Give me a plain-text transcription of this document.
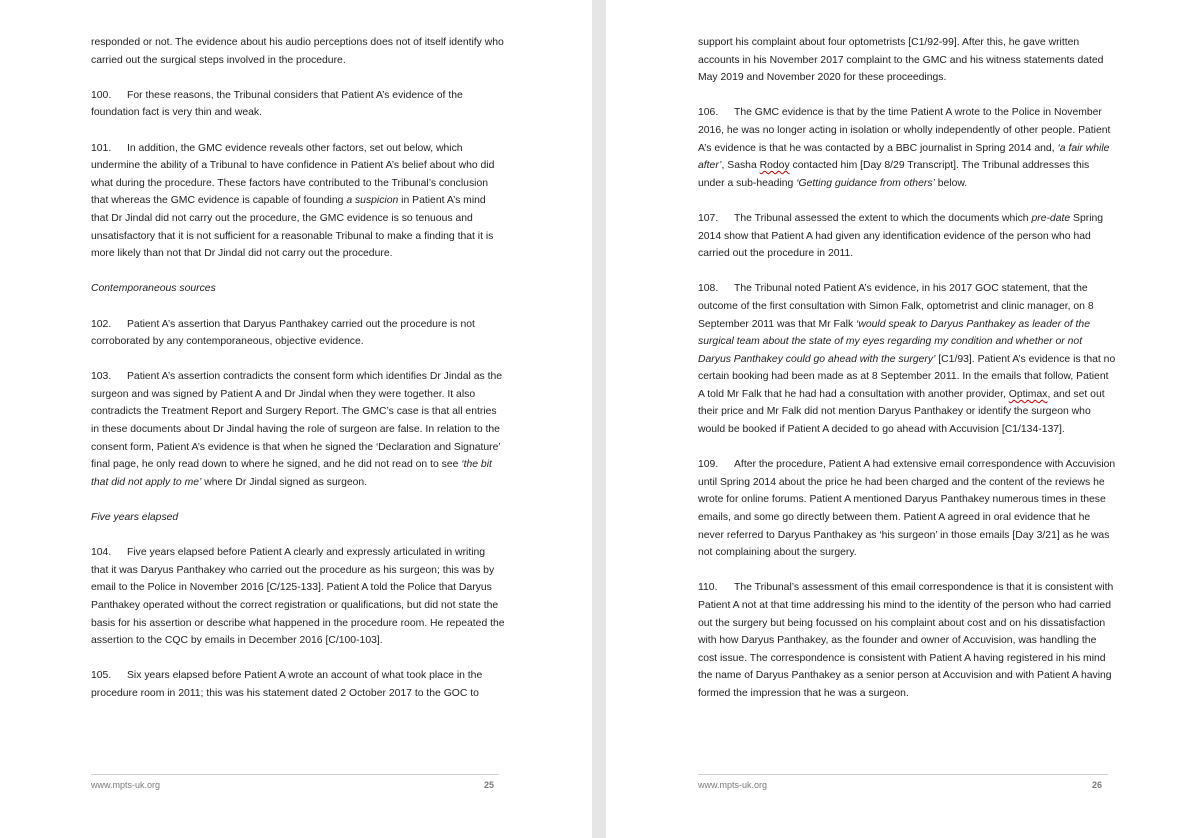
responded or not. The evidence about his audio perceptions does not of itself identify who carried out the surgical steps involved in the procedure.

100. For these reasons, the Tribunal considers that Patient A’s evidence of the foundation fact is very thin and weak.

101. In addition, the GMC evidence reveals other factors, set out below, which undermine the ability of a Tribunal to have confidence in Patient A’s belief about who did what during the procedure. These factors have contributed to the Tribunal’s conclusion that whereas the GMC evidence is capable of founding a suspicion in Patient A’s mind that Dr Jindal did not carry out the procedure, the GMC evidence is so tenuous and unsatisfactory that it is not sufficient for a reasonable Tribunal to make a finding that it is more likely than not that Dr Jindal did not carry out the procedure.

Contemporaneous sources

102. Patient A’s assertion that Daryus Panthakey carried out the procedure is not corroborated by any contemporaneous, objective evidence.

103. Patient A’s assertion contradicts the consent form which identifies Dr Jindal as the surgeon and was signed by Patient A and Dr Jindal when they were together. It also contradicts the Treatment Report and Surgery Report. The GMC’s case is that all entries in these documents about Dr Jindal having the role of surgeon are false. In relation to the consent form, Patient A’s evidence is that when he signed the ‘Declaration and Signature’ final page, he only read down to where he signed, and he did not read on to see ‘the bit that did not apply to me’ where Dr Jindal signed as surgeon.

Five years elapsed

104. Five years elapsed before Patient A clearly and expressly articulated in writing that it was Daryus Panthakey who carried out the procedure as his surgeon; this was by email to the Police in November 2016 [C/125-133]. Patient A told the Police that Daryus Panthakey operated without the correct registration or qualifications, but did not state the basis for his assertion or describe what happened in the procedure room. He repeated the assertion to the CQC by emails in December 2016 [C/100-103].

105. Six years elapsed before Patient A wrote an account of what took place in the procedure room in 2011; this was his statement dated 2 October 2017 to the GOC to

www.mpts-uk.org	25

support his complaint about four optometrists [C1/92-99]. After this, he gave written accounts in his November 2017 complaint to the GMC and his witness statements dated May 2019 and November 2020 for these proceedings.

106. The GMC evidence is that by the time Patient A wrote to the Police in November 2016, he was no longer acting in isolation or wholly independently of other people. Patient A’s evidence is that he was contacted by a BBC journalist in Spring 2014 and, ‘a fair while after’, Sasha Rodoy contacted him [Day 8/29 Transcript]. The Tribunal addresses this under a sub-heading ‘Getting guidance from others’ below.

107. The Tribunal assessed the extent to which the documents which pre-date Spring 2014 show that Patient A had given any identification evidence of the person who had carried out the procedure in 2011.

108. The Tribunal noted Patient A’s evidence, in his 2017 GOC statement, that the outcome of the first consultation with Simon Falk, optometrist and clinic manager, on 8 September 2011 was that Mr Falk ‘would speak to Daryus Panthakey as leader of the surgical team about the state of my eyes regarding my condition and whether or not Daryus Panthakey could go ahead with the surgery’ [C1/93]. Patient A’s evidence is that no certain booking had been made as at 8 September 2011. In the emails that follow, Patient A told Mr Falk that he had had a consultation with another provider, Optimax, and set out their price and Mr Falk did not mention Daryus Panthakey or identify the surgeon who would be booked if Patient A decided to go ahead with Accuvision [C1/134-137].

109. After the procedure, Patient A had extensive email correspondence with Accuvision until Spring 2014 about the price he had been charged and the content of the reviews he wrote for online forums. Patient A mentioned Daryus Panthakey numerous times in these emails, and some go directly between them. Patient A agreed in oral evidence that he never referred to Daryus Panthakey as ‘his surgeon’ in those emails [Day 3/21] as he was not complaining about the surgery.

110. The Tribunal’s assessment of this email correspondence is that it is consistent with Patient A not at that time addressing his mind to the identity of the person who had carried out the surgery but being focussed on his complaint about cost and on his dissatisfaction with how Daryus Panthakey, as the founder and owner of Accuvision, was handling the cost issue. The correspondence is consistent with Patient A having registered in his mind the name of Daryus Panthakey as a senior person at Accuvision and with Patient A having formed the impression that he was a surgeon.

www.mpts-uk.org	26
